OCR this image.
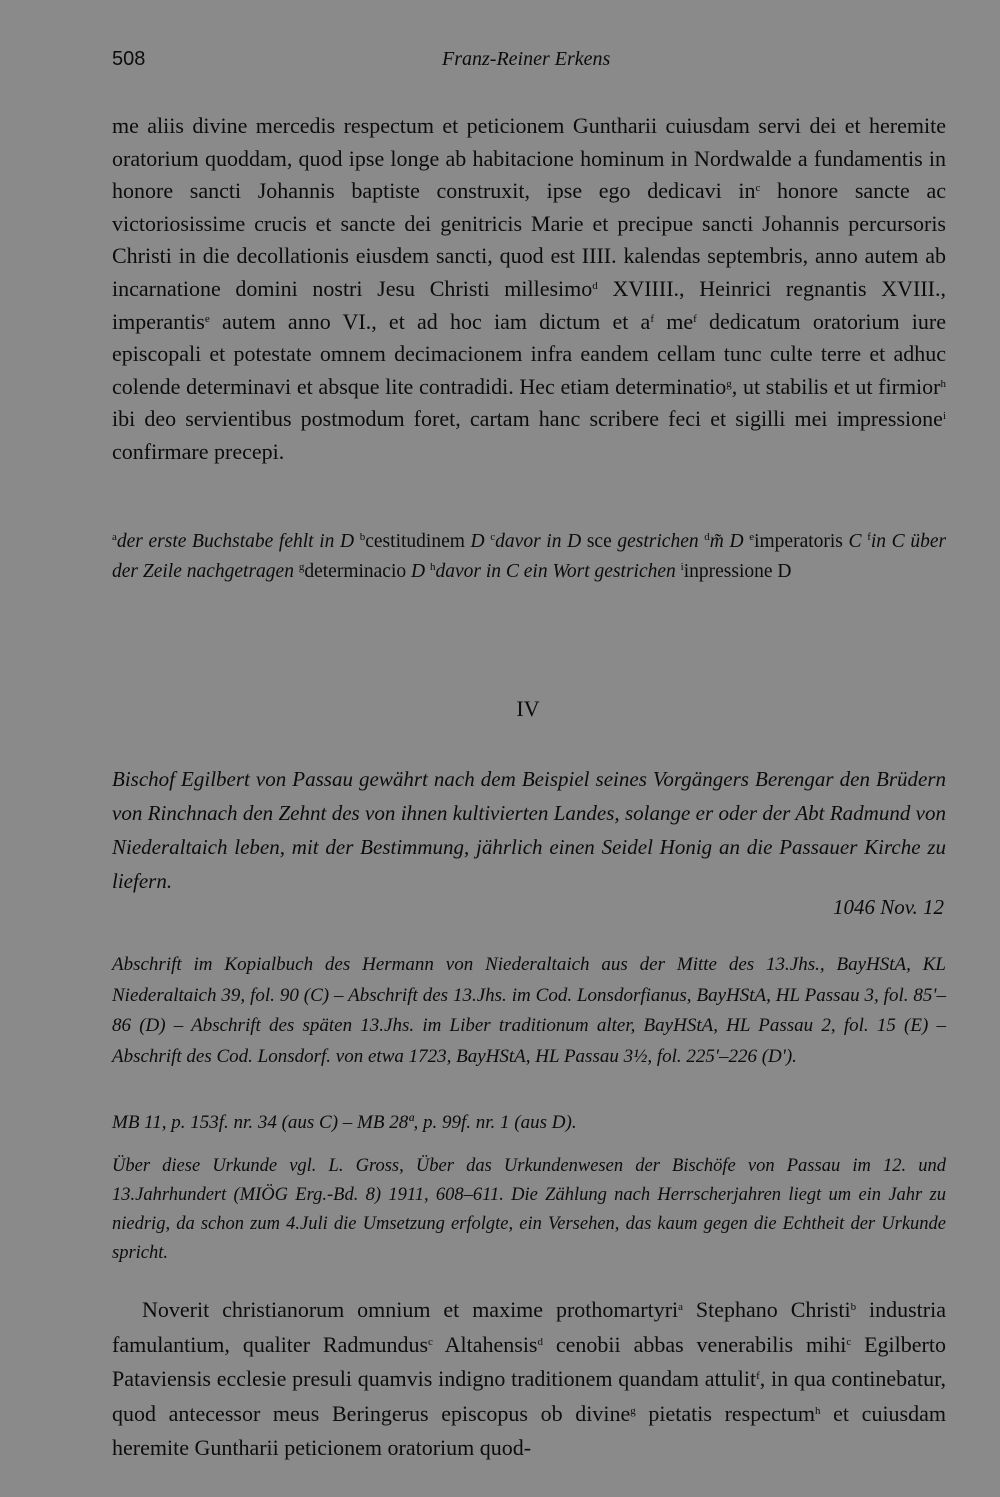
508	Franz-Reiner Erkens
me aliis divine mercedis respectum et peticionem Guntharii cuiusdam servi dei et heremite oratorium quoddam, quod ipse longe ab habitacione hominum in Nordwalde a fundamentis in honore sancti Johannis baptiste construxit, ipse ego dedicavi $in^c$ honore sancte ac victoriosissime crucis et sancte dei genitricis Marie et precipue sancti Johannis percursoris Christi in die decollationis eiusdem sancti, quod est IIII. kalendas septembris, anno autem ab incarnatione domini nostri Jesu Christi millesimo$^d$ XVIIII., Heinrici regnantis XVIII., imperantis$^e$ autem anno VI., et ad hoc iam dictum et $a^f$ $me^f$ dedicatum oratorium iure episcopali et potestate omnem decimacionem infra eandem cellam tunc culte terre et adhuc colende determinavi et absque lite contradidi. Hec etiam determinatio$^g$, ut stabilis et ut firmior$^h$ ibi deo servientibus postmodum foret, cartam hanc scribere feci et sigilli mei impressione$^i$ confirmare precepi.
$^a$der erste Buchstabe fehlt in D $^b$cestitudinem D $^c$davor in D sce gestrichen $^d$m̃ D $^e$imperatoris C $^f$in C über der Zeile nachgetragen $^g$determinacio D $^h$davor in C ein Wort gestrichen $^i$inpressione D
IV
Bischof Egilbert von Passau gewährt nach dem Beispiel seines Vorgängers Berengar den Brüdern von Rinchnach den Zehnt des von ihnen kultivierten Landes, solange er oder der Abt Radmund von Niederaltaich leben, mit der Bestimmung, jährlich einen Seidel Honig an die Passauer Kirche zu liefern.
1046 Nov. 12
Abschrift im Kopialbuch des Hermann von Niederaltaich aus der Mitte des 13.Jhs., BayHStA, KL Niederaltaich 39, fol. 90 (C) – Abschrift des 13.Jhs. im Cod. Lonsdorfianus, BayHStA, HL Passau 3, fol. 85'–86 (D) – Abschrift des späten 13.Jhs. im Liber traditionum alter, BayHStA, HL Passau 2, fol. 15 (E) – Abschrift des Cod. Lonsdorf. von etwa 1723, BayHStA, HL Passau 3½, fol. 225'–226 (D').
MB 11, p. 153f. nr. 34 (aus C) – MB 28ª, p. 99f. nr. 1 (aus D).
Über diese Urkunde vgl. L. Gross, Über das Urkundenwesen der Bischöfe von Passau im 12. und 13.Jahrhundert (MIÖG Erg.-Bd. 8) 1911, 608–611. Die Zählung nach Herrscherjahren liegt um ein Jahr zu niedrig, da schon zum 4.Juli die Umsetzung erfolgte, ein Versehen, das kaum gegen die Echtheit der Urkunde spricht.
Noverit christianorum omnium et maxime prothomartyri$^a$ Stephano Christi$^b$ industria famulantium, qualiter Radmundus$^c$ Altahensis$^d$ cenobii abbas venerabilis mihi$^c$ Egilberto Pataviensis ecclesie presuli quamvis indigno traditionem quandam attulit$^f$, in qua continebatur, quod antecessor meus Beringerus episcopus ob divine$^g$ pietatis respectum$^h$ et cuiusdam heremite Guntharii peticionem oratorium quod-
